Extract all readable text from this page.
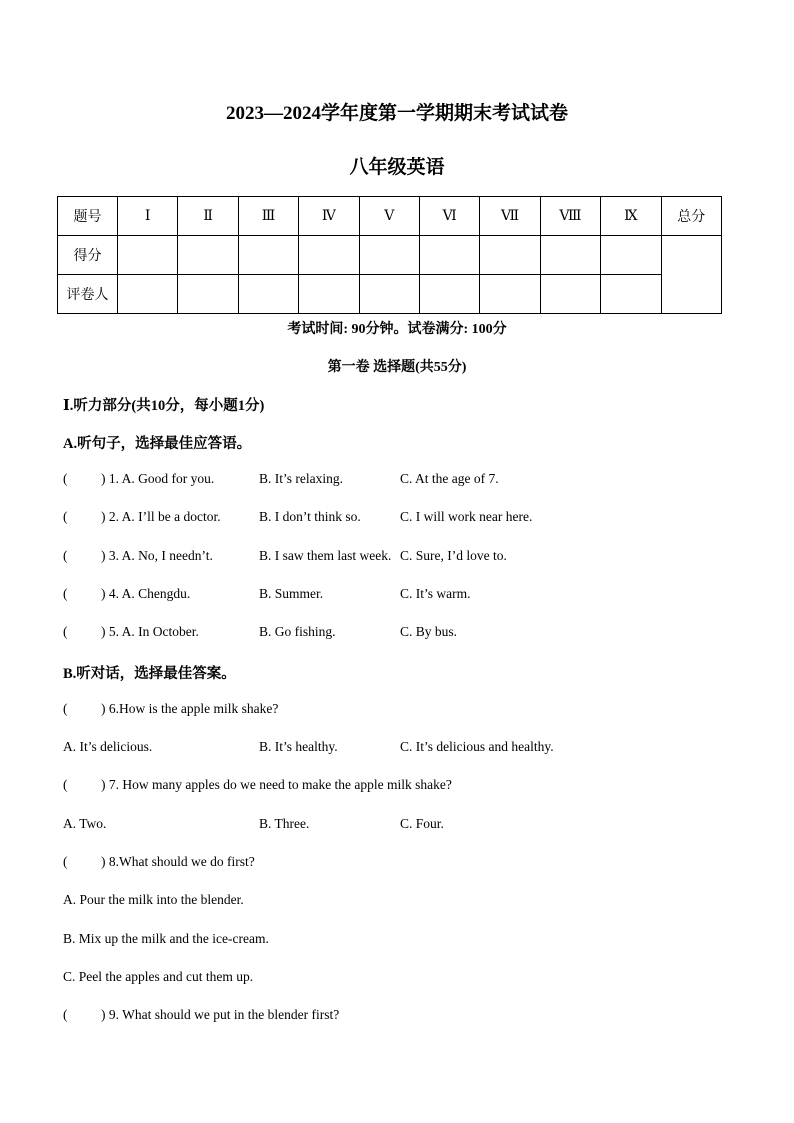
2023—2024学年度第一学期期末考试试卷
八年级英语
题号	Ⅰ	Ⅱ	Ⅲ	Ⅳ	Ⅴ	Ⅵ	Ⅶ	Ⅷ	Ⅸ	总分
得分										
评卷人										
考试时间: 90分钟。试卷满分: 100分
第一卷 选择题(共55分)
Ⅰ.听力部分(共10分，每小题1分)
A.听句子，选择最佳应答语。
( ) 1. A. Good for you.	B. It’s relaxing.	C. At the age of 7.
( ) 2. A. I’ll be a doctor.	B. I don’t think so.	C. I will work near here.
( ) 3. A. No, I needn’t.	B. I saw them last week. C. Sure, I’d love to.
( ) 4. A. Chengdu.	B. Summer.	C. It’s warm.
( ) 5. A. In October.	B. Go fishing.	C. By bus.
B.听对话，选择最佳答案。
( ) 6.How is the apple milk shake?
A. It’s delicious.	B. It’s healthy.	C. It’s delicious and healthy.
( ) 7. How many apples do we need to make the apple milk shake?
A. Two.	B. Three.	C. Four.
( ) 8.What should we do first?
A. Pour the milk into the blender.
B. Mix up the milk and the ice-cream.
C. Peel the apples and cut them up.
( ) 9. What should we put in the blender first?
